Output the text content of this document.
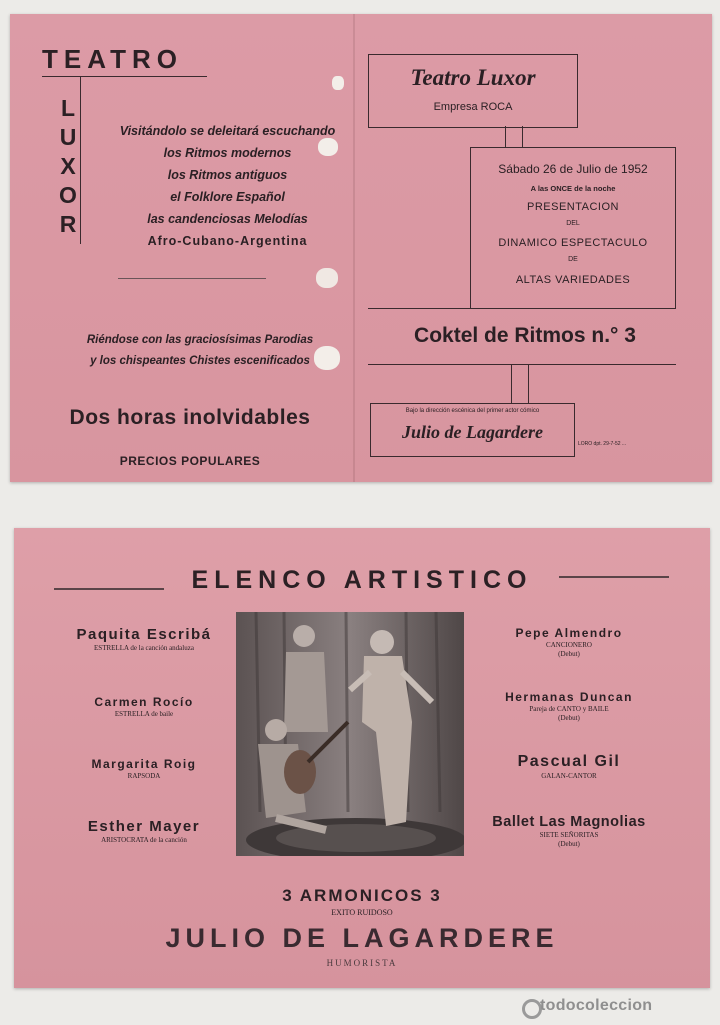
TEATRO
LUXOR
Visitándolo se deleitará escuchando
los Ritmos modernos
los Ritmos antiguos
el Folklore Español
las candenciosas Melodías
Afro-Cubano-Argentina
Riéndose con las graciosísimas Parodias
y los chispeantes Chistes escenificados
Dos horas inolvidables
PRECIOS POPULARES
Teatro Luxor
Empresa ROCA
Sábado 26 de Julio de 1952
A las ONCE de la noche
PRESENTACION
DEL
DINAMICO ESPECTACULO
DE
ALTAS VARIEDADES
Coktel de Ritmos n.° 3
Bajo la dirección escénica del primer actor cómico
Julio de Lagardere
LORO dpt. 29-7-52 ...
ELENCO ARTISTICO
Paquita Escribá
ESTRELLA de la canción andaluza
Carmen Rocío
ESTRELLA de baile
Margarita Roig
RAPSODA
Esther Mayer
ARISTOCRATA de la canción
Pepe Almendro
CANCIONERO
(Debut)
Hermanas Duncan
Pareja de CANTO y BAILE
(Debut)
Pascual Gil
GALAN-CANTOR
Ballet Las Magnolias
SIETE SEÑORITAS
(Debut)
3 ARMONICOS 3
EXITO RUIDOSO
JULIO DE LAGARDERE
HUMORISTA
todocoleccion
